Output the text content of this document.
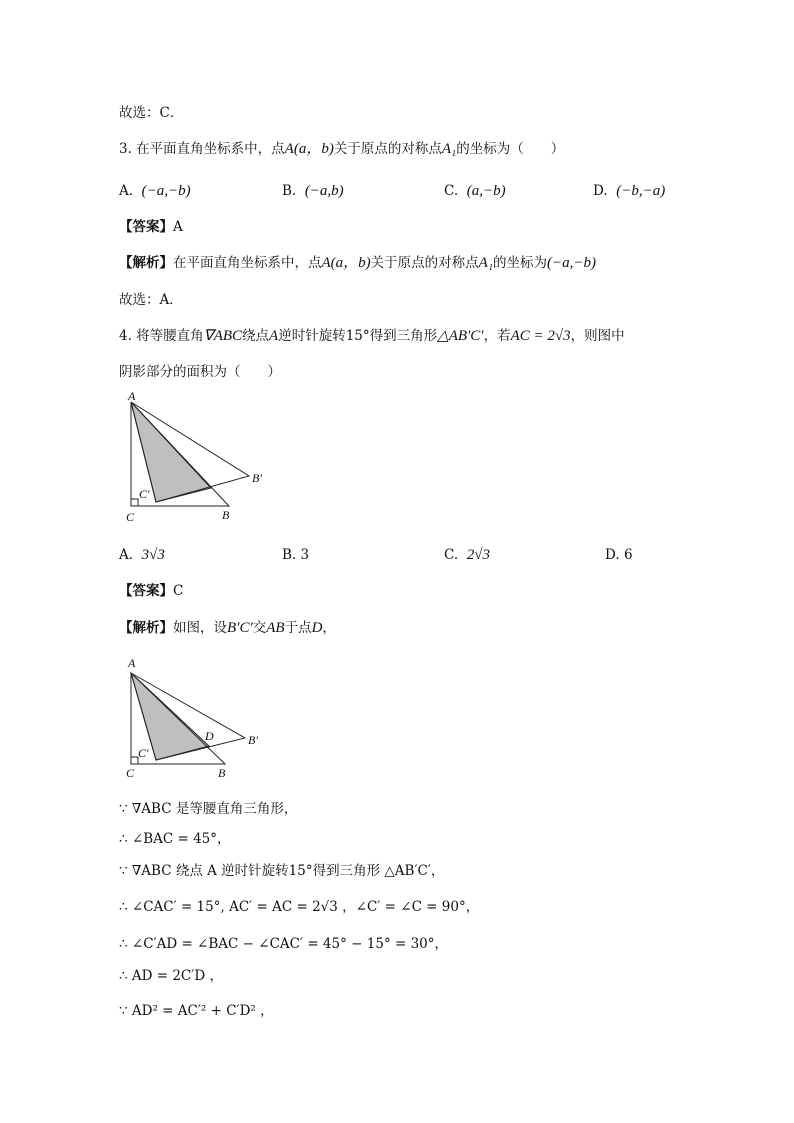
故选：C．
3. 在平面直角坐标系中，点A(a，b)关于原点的对称点A₁的坐标为（　　）
A. (−a,−b)	B. (−a,b)	C. (a,−b)	D. (−b,−a)
【答案】A
【解析】在平面直角坐标系中，点A(a，b)关于原点的对称点A₁的坐标为(−a,−b)
故选：A．
4. 将等腰直角∇ABC绕点A逆时针旋转15°得到三角形△AB′C′，若AC = 2√3，则图中
阴影部分的面积为（　　）
A
C	B
B′
C′
A. 3√3	B. 3	C. 2√3	D. 6
【答案】C
【解析】如图，设B′C′交AB于点D，
A
C	B
B′
C′
D
∵ ∇ABC 是等腰直角三角形，
∴ ∠BAC = 45°，
∵ ∇ABC 绕点 A 逆时针旋转15°得到三角形 △AB′C′，
∴ ∠CAC′ = 15°, AC′ = AC = 2√3 ，∠C′ = ∠C = 90°，
∴ ∠C′AD = ∠BAC − ∠CAC′ = 45° − 15° = 30°，
∴ AD = 2C′D ，
∵ AD² = AC′² + C′D² ，
